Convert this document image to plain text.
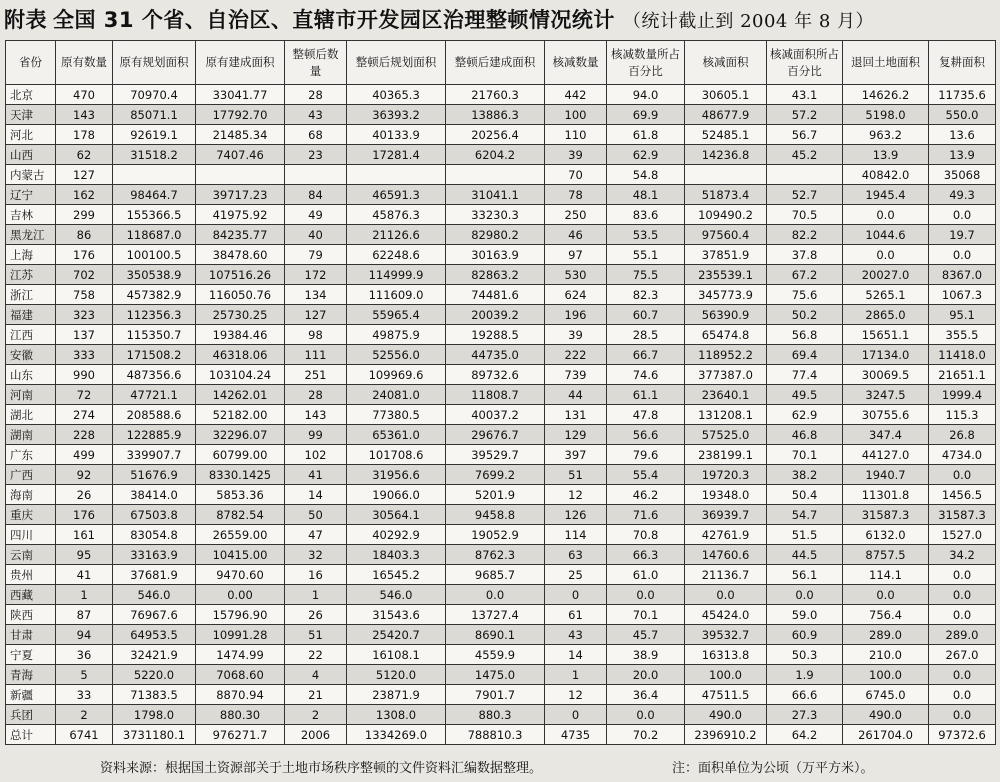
附表 全国 31 个省、自治区、直辖市开发园区治理整顿情况统计 （统计截止到 2004 年 8 月）
省份	原有数量	原有规划面积	原有建成面积	整顿后数量	整顿后规划面积	整顿后建成面积	核减数量	核减数量所占百分比	核减面积	核减面积所占百分比	退回土地面积	复耕面积
北京	470	70970.4	33041.77	28	40365.3	21760.3	442	94.0	30605.1	43.1	14626.2	11735.6
天津	143	85071.1	17792.70	43	36393.2	13886.3	100	69.9	48677.9	57.2	5198.0	550.0
河北	178	92619.1	21485.34	68	40133.9	20256.4	110	61.8	52485.1	56.7	963.2	13.6
山西	62	31518.2	7407.46	23	17281.4	6204.2	39	62.9	14236.8	45.2	13.9	13.9
内蒙古	127						70	54.8			40842.0	35068
辽宁	162	98464.7	39717.23	84	46591.3	31041.1	78	48.1	51873.4	52.7	1945.4	49.3
吉林	299	155366.5	41975.92	49	45876.3	33230.3	250	83.6	109490.2	70.5	0.0	0.0
黑龙江	86	118687.0	84235.77	40	21126.6	82980.2	46	53.5	97560.4	82.2	1044.6	19.7
上海	176	100100.5	38478.60	79	62248.6	30163.9	97	55.1	37851.9	37.8	0.0	0.0
江苏	702	350538.9	107516.26	172	114999.9	82863.2	530	75.5	235539.1	67.2	20027.0	8367.0
浙江	758	457382.9	116050.76	134	111609.0	74481.6	624	82.3	345773.9	75.6	5265.1	1067.3
福建	323	112356.3	25730.25	127	55965.4	20039.2	196	60.7	56390.9	50.2	2865.0	95.1
江西	137	115350.7	19384.46	98	49875.9	19288.5	39	28.5	65474.8	56.8	15651.1	355.5
安徽	333	171508.2	46318.06	111	52556.0	44735.0	222	66.7	118952.2	69.4	17134.0	11418.0
山东	990	487356.6	103104.24	251	109969.6	89732.6	739	74.6	377387.0	77.4	30069.5	21651.1
河南	72	47721.1	14262.01	28	24081.0	11808.7	44	61.1	23640.1	49.5	3247.5	1999.4
湖北	274	208588.6	52182.00	143	77380.5	40037.2	131	47.8	131208.1	62.9	30755.6	115.3
湖南	228	122885.9	32296.07	99	65361.0	29676.7	129	56.6	57525.0	46.8	347.4	26.8
广东	499	339907.7	60799.00	102	101708.6	39529.7	397	79.6	238199.1	70.1	44127.0	4734.0
广西	92	51676.9	8330.1425	41	31956.6	7699.2	51	55.4	19720.3	38.2	1940.7	0.0
海南	26	38414.0	5853.36	14	19066.0	5201.9	12	46.2	19348.0	50.4	11301.8	1456.5
重庆	176	67503.8	8782.54	50	30564.1	9458.8	126	71.6	36939.7	54.7	31587.3	31587.3
四川	161	83054.8	26559.00	47	40292.9	19052.9	114	70.8	42761.9	51.5	6132.0	1527.0
云南	95	33163.9	10415.00	32	18403.3	8762.3	63	66.3	14760.6	44.5	8757.5	34.2
贵州	41	37681.9	9470.60	16	16545.2	9685.7	25	61.0	21136.7	56.1	114.1	0.0
西藏	1	546.0	0.00	1	546.0	0.0	0	0.0	0.0	0.0	0.0	0.0
陕西	87	76967.6	15796.90	26	31543.6	13727.4	61	70.1	45424.0	59.0	756.4	0.0
甘肃	94	64953.5	10991.28	51	25420.7	8690.1	43	45.7	39532.7	60.9	289.0	289.0
宁夏	36	32421.9	1474.99	22	16108.1	4559.9	14	38.9	16313.8	50.3	210.0	267.0
青海	5	5220.0	7068.60	4	5120.0	1475.0	1	20.0	100.0	1.9	100.0	0.0
新疆	33	71383.5	8870.94	21	23871.9	7901.7	12	36.4	47511.5	66.6	6745.0	0.0
兵团	2	1798.0	880.30	2	1308.0	880.3	0	0.0	490.0	27.3	490.0	0.0
总计	6741	3731180.1	976271.7	2006	1334269.0	788810.3	4735	70.2	2396910.2	64.2	261704.0	97372.6
资料来源：根据国土资源部关于土地市场秩序整顿的文件资料汇编数据整理。	注：面积单位为公顷（万平方米）。
